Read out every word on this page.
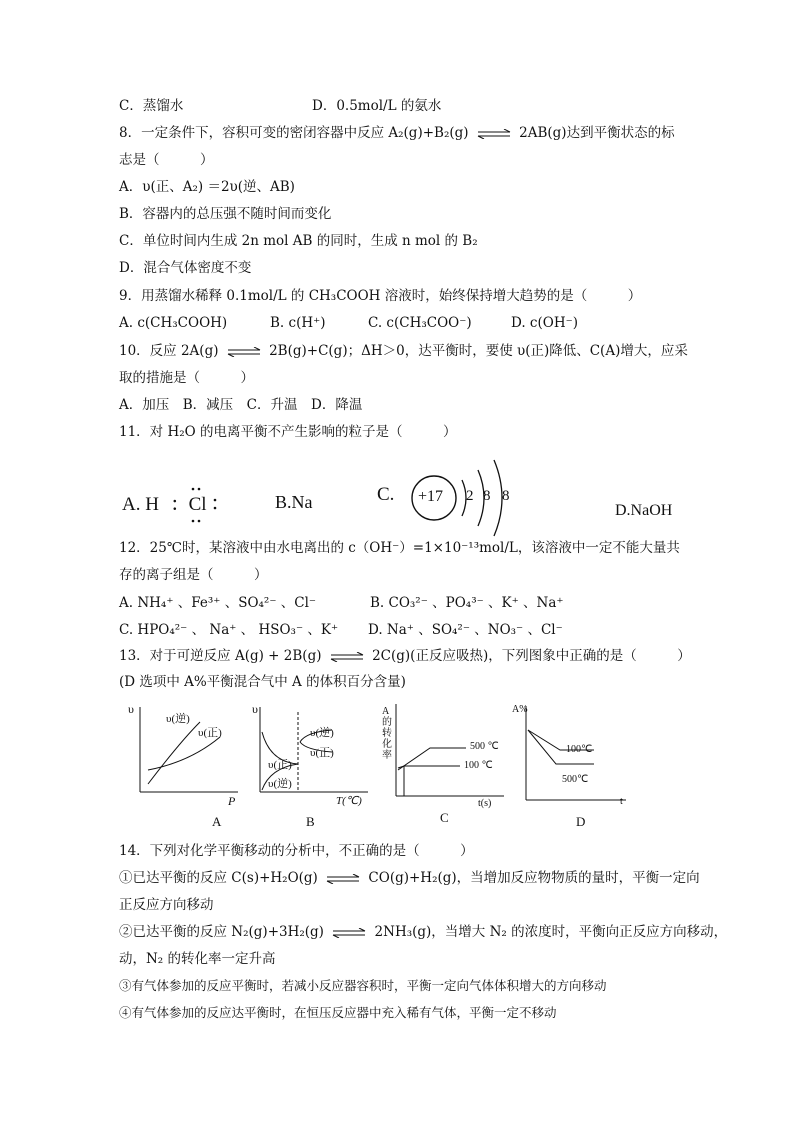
C．蒸馏水	D．0.5mol/L 的氨水
8．一定条件下，容积可变的密闭容器中反应 A₂(g)+B₂(g) ⇌ 2AB(g)达到平衡状态的标
志是（　　　）
A．υ(正、A₂) ＝2υ(逆、AB)
B．容器内的总压强不随时间而变化
C．单位时间内生成 2n mol AB 的同时，生成 n mol 的 B₂
D．混合气体密度不变
9．用蒸馏水稀释 0.1mol/L 的 CH₃COOH 溶液时，始终保持增大趋势的是（　　　）
A. c(CH₃COOH)	B. c(H⁺)	C. c(CH₃COO⁻)	D. c(OH⁻)
10．反应 2A(g) ⇌ 2B(g)+C(g)；ΔH＞0，达平衡时，要使 υ(正)降低、C(A)增大，应采
取的措施是（　　　）
A．加压　B．减压　C．升温　D．降温
11．对 H₂O 的电离平衡不产生影响的粒子是（　　　）
A. H : Cl	B.Na	C. +17 2 8 8
D.NaOH
12．25℃时，某溶液中由水电离出的 c（OH⁻）=1×10⁻¹³mol/L，该溶液中一定不能大量共
存的离子组是（　　　）
A. NH₄⁺ 、Fe³⁺ 、SO₄²⁻ 、Cl⁻	B. CO₃²⁻ 、PO₄³⁻ 、K⁺ 、Na⁺
C. HPO₄²⁻ 、 Na⁺ 、 HSO₃⁻ 、K⁺ D. Na⁺ 、SO₄²⁻ 、NO₃⁻ 、Cl⁻
13．对于可逆反应 A(g) + 2B(g) ⇌ 2C(g)(正反应吸热)，下列图象中正确的是（　　　）
(D 选项中 A%平衡混合气中 A 的体积百分含量)
υ
υ(逆)
υ(正)
P
A
υ
υ(逆)
υ(正)
υ(正)
υ(逆)
T(℃)
B
A的转化率
500 ℃
100 ℃
t(s)
C
A%
100℃
500℃
t
D
14．下列对化学平衡移动的分析中，不正确的是（　　　）
①已达平衡的反应 C(s)+H₂O(g) ⇌ CO(g)+H₂(g)，当增加反应物物质的量时，平衡一定向
正反应方向移动
②已达平衡的反应 N₂(g)+3H₂(g) ⇌ 2NH₃(g)，当增大 N₂ 的浓度时，平衡向正反应方向移动，
动，N₂ 的转化率一定升高
③有气体参加的反应平衡时，若减小反应器容积时，平衡一定向气体体积增大的方向移动
④有气体参加的反应达平衡时，在恒压反应器中充入稀有气体，平衡一定不移动
